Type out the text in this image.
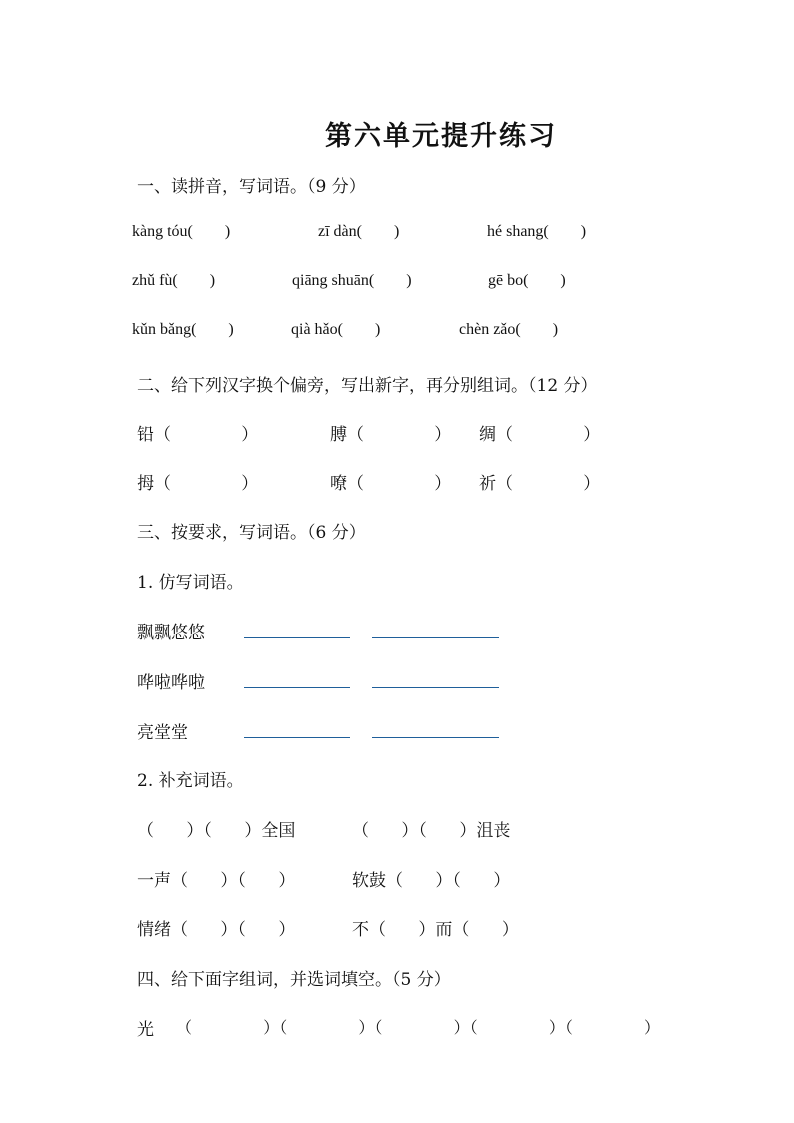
第六单元提升练习
一、读拼音，写词语。（9 分）
kàng tóu(        )	zī dàn(        )	hé shang(        )
zhǔ fù(        )	qiāng shuān(        )	gē bo(        )
kǔn bǎng(        )	qià hǎo(        )	chèn zǎo(        )
二、给下列汉字换个偏旁，写出新字，再分别组词。（12 分）
铅（             ）	膊（             ） 绸（             ）
拇（             ）	嘹（             ） 祈（             ）
三、按要求，写词语。（6 分）
1. 仿写词语。
飘飘悠悠
哗啦哗啦
亮堂堂
2. 补充词语。
（      ）（      ）全国	（      ）（      ）沮丧
一声（      ）（      ）	软鼓（      ）（      ）
情绪（      ）（      ）	不（      ）而（      ）
四、给下面字组词，并选词填空。（5 分）
光 （              ）（              ）（              ）（              ）（              ）
